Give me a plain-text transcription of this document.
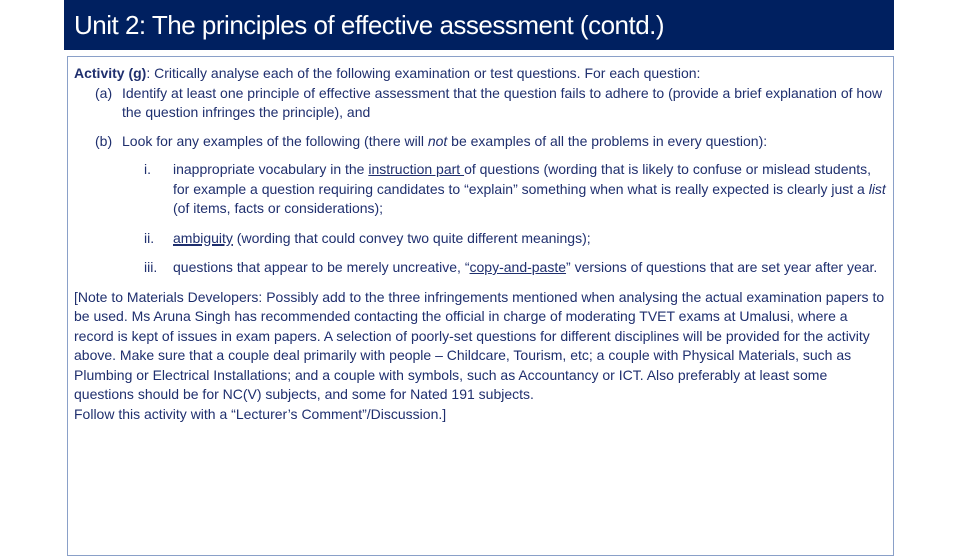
Unit 2: The principles of effective assessment (contd.)

Activity (g): Critically analyse each of the following examination or test questions. For each question:

(a) Identify at least one principle of effective assessment that the question fails to adhere to (provide a brief explanation of how the question infringes the principle), and
(b) Look for any examples of the following (there will not be examples of all the problems in every question):
i.	inappropriate vocabulary in the instruction part of questions (wording that is likely to confuse or mislead students, for example a question requiring candidates to “explain” something when what is really expected is clearly just a list (of items, facts or considerations);
ii.	ambiguity (wording that could convey two quite different meanings);
iii.	questions that appear to be merely uncreative, “copy-and-paste” versions of questions that are set year after year.

[Note to Materials Developers: Possibly add to the three infringements mentioned when analysing the actual examination papers to be used. Ms Aruna Singh has recommended contacting the official in charge of moderating TVET exams at Umalusi, where a record is kept of issues in exam papers. A selection of poorly-set questions for different disciplines will be provided for the activity above. Make sure that a couple deal primarily with people – Childcare, Tourism, etc; a couple with Physical Materials, such as Plumbing or Electrical Installations; and a couple with symbols, such as Accountancy or ICT. Also preferably at least some questions should be for NC(V) subjects, and some for Nated 191 subjects.

Follow this activity with a “Lecturer’s Comment”/Discussion.]
